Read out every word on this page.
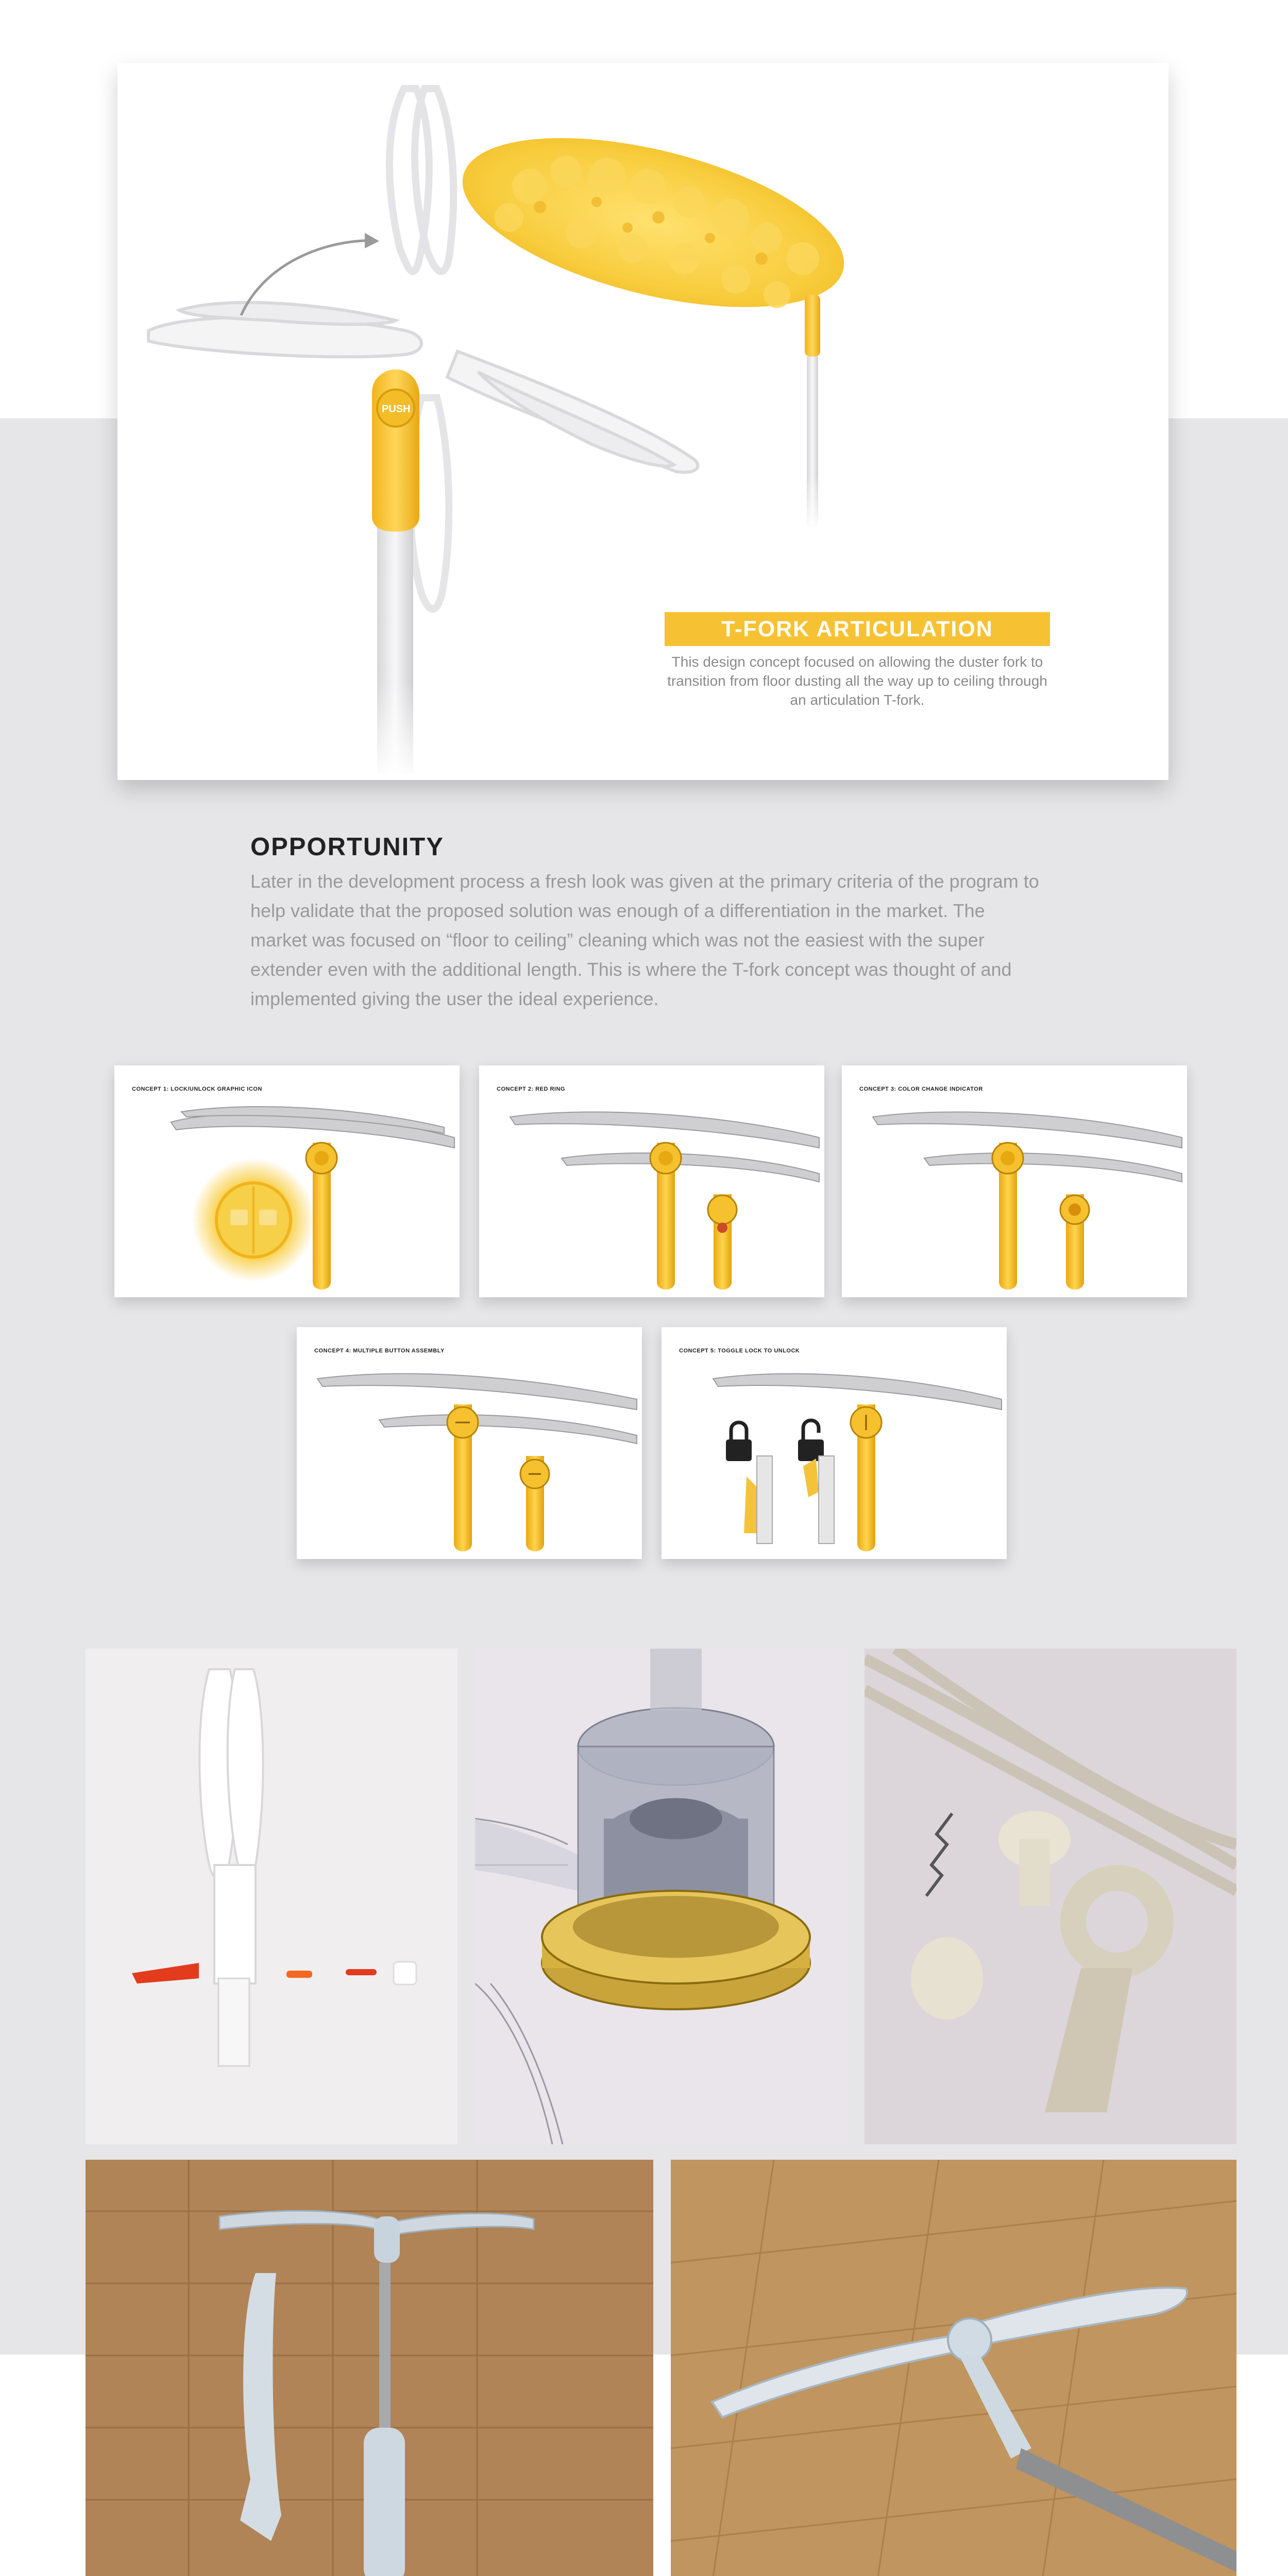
PUSH
T-FORK ARTICULATION
This design concept focused on allowing the duster fork to transition from floor dusting all the way up to ceiling through an articulation T-fork.
OPPORTUNITY
Later in the development process a fresh look was given at the primary criteria of the program to help validate that the proposed solution was enough of a differentiation in the market. The market was focused on “floor to ceiling” cleaning which was not the easiest with the super extender even with the additional length. This is where the T-fork concept was thought of and implemented giving the user the ideal experience.
CONCEPT 1: LOCK/UNLOCK GRAPHIC ICON	CONCEPT 2: RED RING	CONCEPT 3: COLOR CHANGE INDICATOR
CONCEPT 4: MULTIPLE BUTTON ASSEMBLY	CONCEPT 5: TOGGLE LOCK TO UNLOCK
